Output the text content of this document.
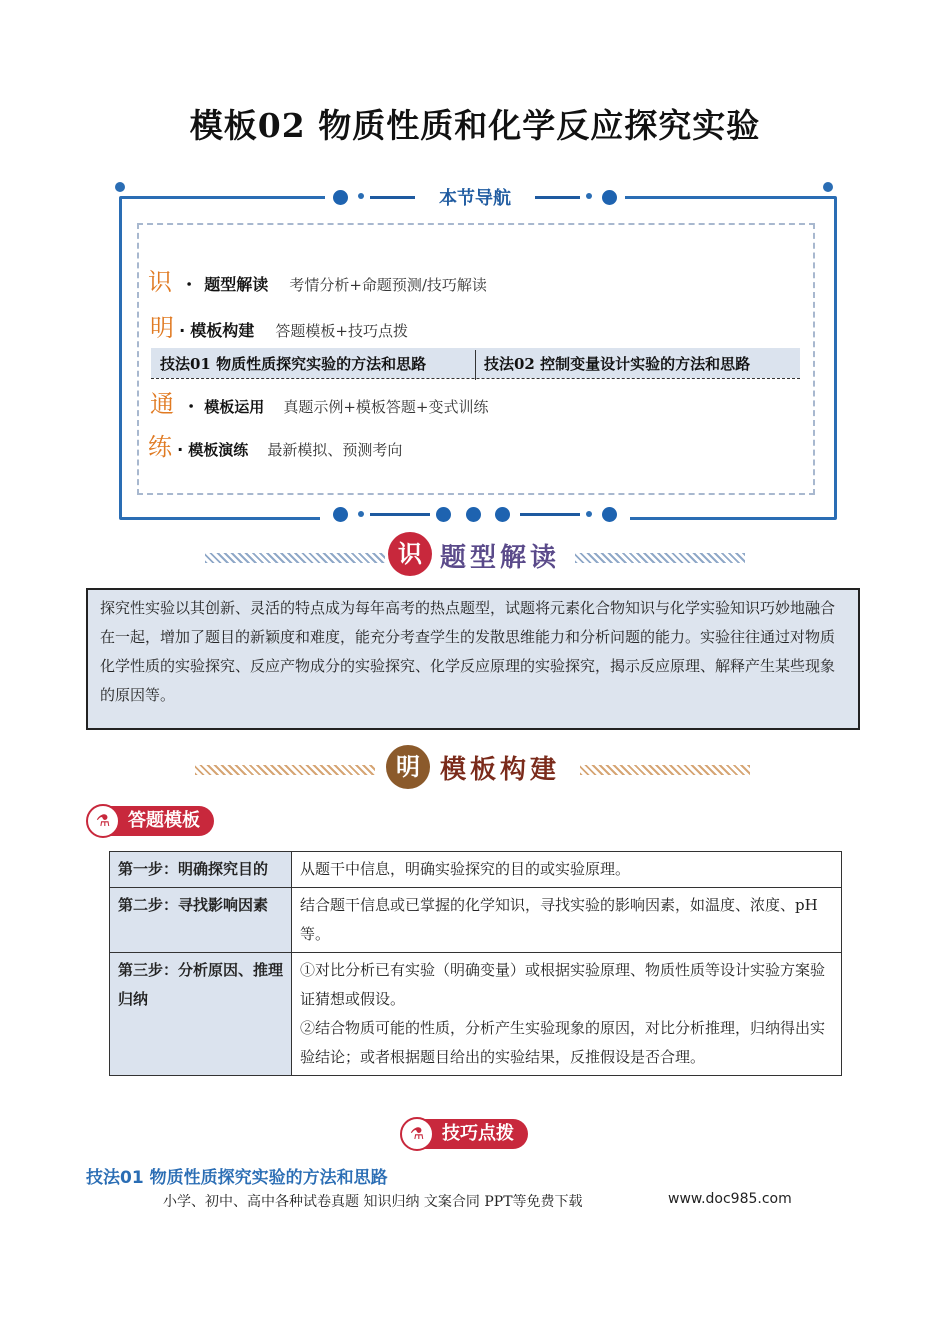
模板02 物质性质和化学反应探究实验
本节导航
识 ・ 题型解读 考情分析+命题预测/技巧解读
明 · 模板构建 答题模板+技巧点拨
技法01 物质性质探究实验的方法和思路	技法02 控制变量设计实验的方法和思路
通 ・ 模板运用 真题示例+模板答题+变式训练
练 · 模板演练 最新模拟、预测考向
识 题型解读
探究性实验以其创新、灵活的特点成为每年高考的热点题型，试题将元素化合物知识与化学实验知识巧妙地融合在一起，增加了题目的新颖度和难度，能充分考查学生的发散思维能力和分析问题的能力。实验往往通过对物质化学性质的实验探究、反应产物成分的实验探究、化学反应原理的实验探究，揭示反应原理、解释产生某些现象的原因等。
明 模板构建
答题模板
⚗
第一步：明确探究目的	从题干中信息，明确实验探究的目的或实验原理。
第二步：寻找影响因素	结合题干信息或已掌握的化学知识，寻找实验的影响因素，如温度、浓度、pH等。
第三步：分析原因、推理归纳	①对比分析已有实验（明确变量）或根据实验原理、物质性质等设计实验方案验证猜想或假设。
②结合物质可能的性质，分析产生实验现象的原因，对比分析推理，归纳得出实验结论；或者根据题目给出的实验结果，反推假设是否合理。
技巧点拨
⚗
技法01 物质性质探究实验的方法和思路
小学、初中、高中各种试卷真题 知识归纳 文案合同 PPT等免费下载	www.doc985.com
